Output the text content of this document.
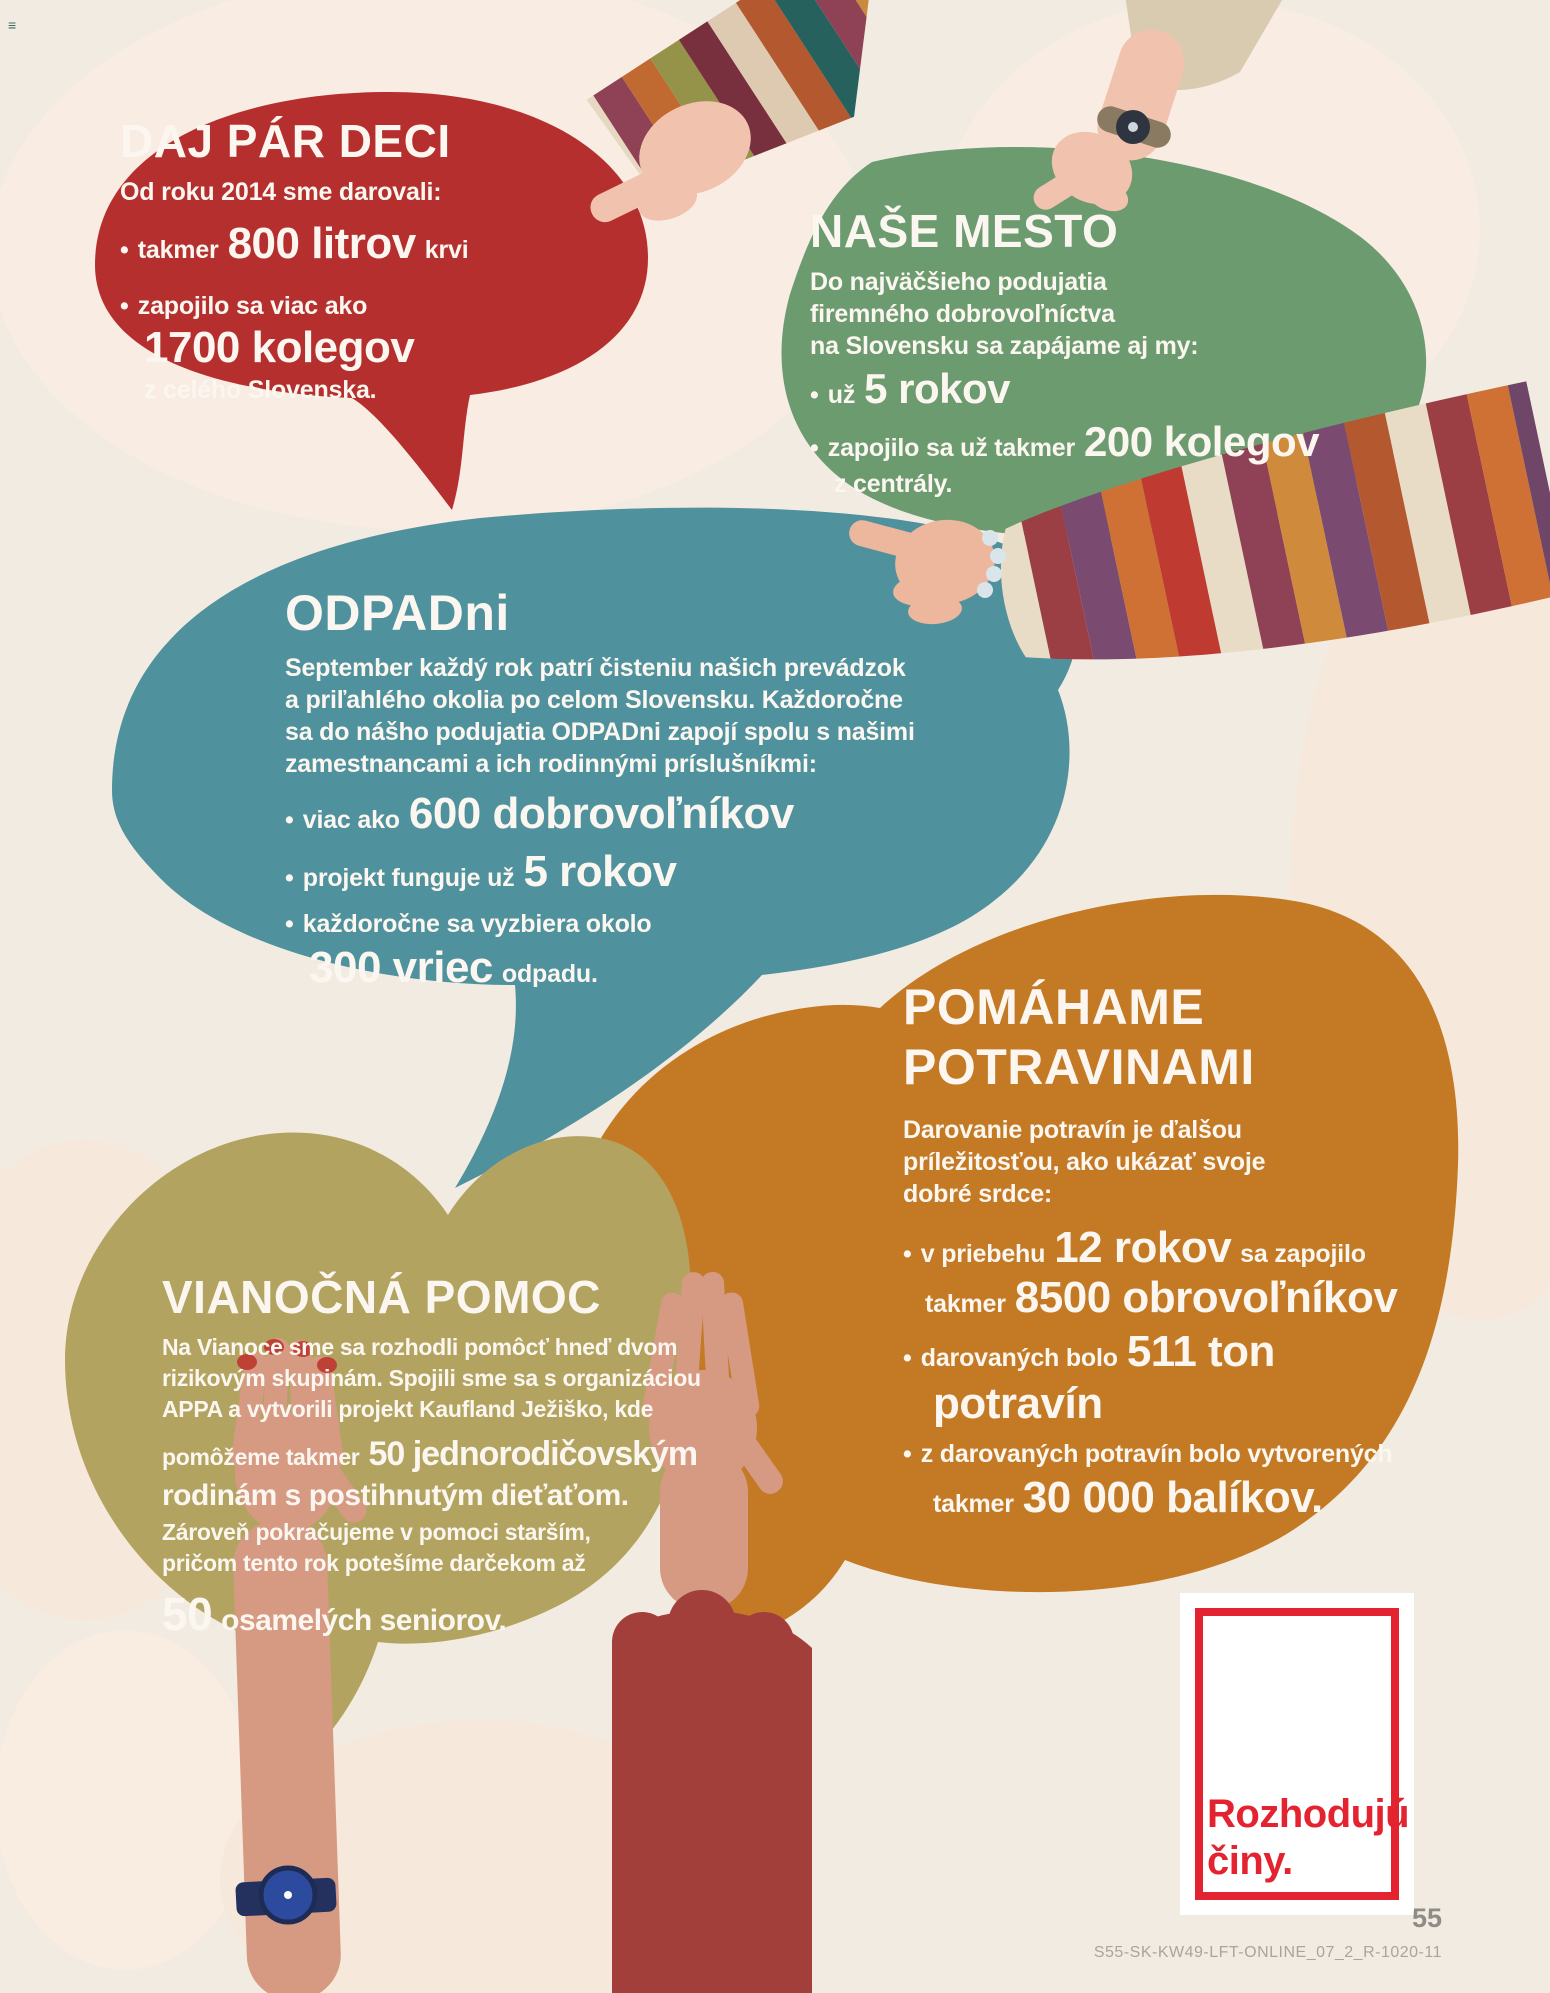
≡
DAJ PÁR DECI
Od roku 2014 sme darovali:
• takmer 800 litrov krvi
• zapojilo sa viac ako
1700 kolegov
z celého Slovenska.
NAŠE MESTO
Do najväčšieho podujatia
firemného dobrovoľníctva
na Slovensku sa zapájame aj my:
• už 5 rokov
• zapojilo sa už takmer 200 kolegov
z centrály.
ODPADni
September každý rok patrí čisteniu našich prevádzok
a priľahlého okolia po celom Slovensku. Každoročne
sa do nášho podujatia ODPADni zapojí spolu s našimi
zamestnancami a ich rodinnými príslušníkmi:
• viac ako 600 dobrovoľníkov
• projekt funguje už 5 rokov
• každoročne sa vyzbiera okolo
300 vriec odpadu.
POMÁHAME
POTRAVINAMI
Darovanie potravín je ďalšou
príležitosťou, ako ukázať svoje
dobré srdce:
• v priebehu 12 rokov sa zapojilo
takmer 8500 obrovoľníkov
• darovaných bolo 511 ton
potravín
• z darovaných potravín bolo vytvorených
takmer 30 000 balíkov.
VIANOČNÁ POMOC
Na Vianoce sme sa rozhodli pomôcť hneď dvom
rizikovým skupinám. Spojili sme sa s organizáciou
APPA a vytvorili projekt Kaufland Ježiško, kde
pomôžeme takmer 50 jednorodičovským
rodinám s postihnutým dieťaťom.
Zároveň pokračujeme v pomoci starším,
pričom tento rok potešíme darčekom až
50 osamelých seniorov.
Rozhodujú
činy.
55
S55-SK-KW49-LFT-ONLINE_07_2_R-1020-11
